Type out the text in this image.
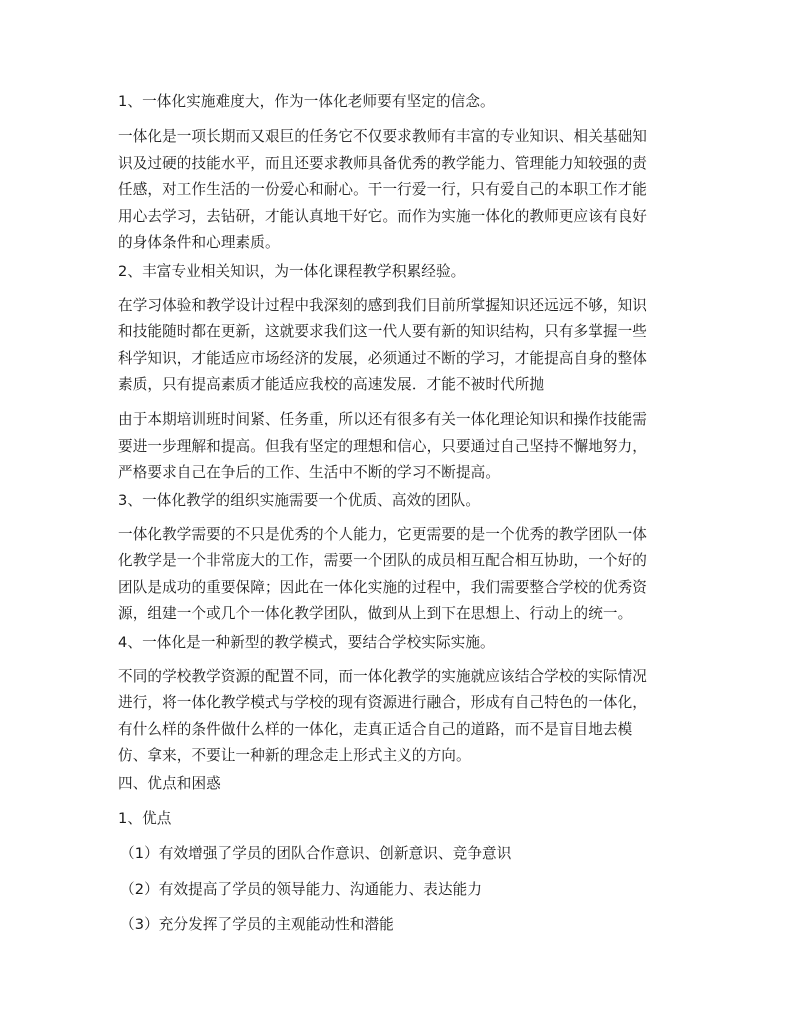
1、一体化实施难度大，作为一体化老师要有坚定的信念。
一体化是一项长期而又艰巨的任务它不仅要求教师有丰富的专业知识、相关基础知
识及过硬的技能水平，而且还要求教师具备优秀的教学能力、管理能力知较强的责
任感，对工作生活的一份爱心和耐心。干一行爱一行，只有爱自己的本职工作才能
用心去学习，去钻研，才能认真地干好它。而作为实施一体化的教师更应该有良好
的身体条件和心理素质。
2、丰富专业相关知识，为一体化课程教学积累经验。
在学习体验和教学设计过程中我深刻的感到我们目前所掌握知识还远远不够，知识
和技能随时都在更新，这就要求我们这一代人要有新的知识结构，只有多掌握一些
科学知识，才能适应市场经济的发展，必须通过不断的学习，才能提高自身的整体
素质，只有提高素质才能适应我校的高速发展．才能不被时代所抛
由于本期培训班时间紧、任务重，所以还有很多有关一体化理论知识和操作技能需
要进一步理解和提高。但我有坚定的理想和信心，只要通过自己坚持不懈地努力，
严格要求自己在争后的工作、生活中不断的学习不断提高。
3、一体化教学的组织实施需要一个优质、高效的团队。
一体化教学需要的不只是优秀的个人能力，它更需要的是一个优秀的教学团队一体
化教学是一个非常庞大的工作，需要一个团队的成员相互配合相互协助，一个好的
团队是成功的重要保障；因此在一体化实施的过程中，我们需要整合学校的优秀资
源，组建一个或几个一体化教学团队，做到从上到下在思想上、行动上的统一。
4、一体化是一种新型的教学模式，要结合学校实际实施。
不同的学校教学资源的配置不同，而一体化教学的实施就应该结合学校的实际情况
进行，将一体化教学模式与学校的现有资源进行融合，形成有自己特色的一体化，
有什么样的条件做什么样的一体化，走真正适合自己的道路，而不是盲目地去模
仿、拿来，不要让一种新的理念走上形式主义的方向。
四、优点和困惑
1、优点
（1）有效增强了学员的团队合作意识、创新意识、竞争意识
（2）有效提高了学员的领导能力、沟通能力、表达能力
（3）充分发挥了学员的主观能动性和潜能
